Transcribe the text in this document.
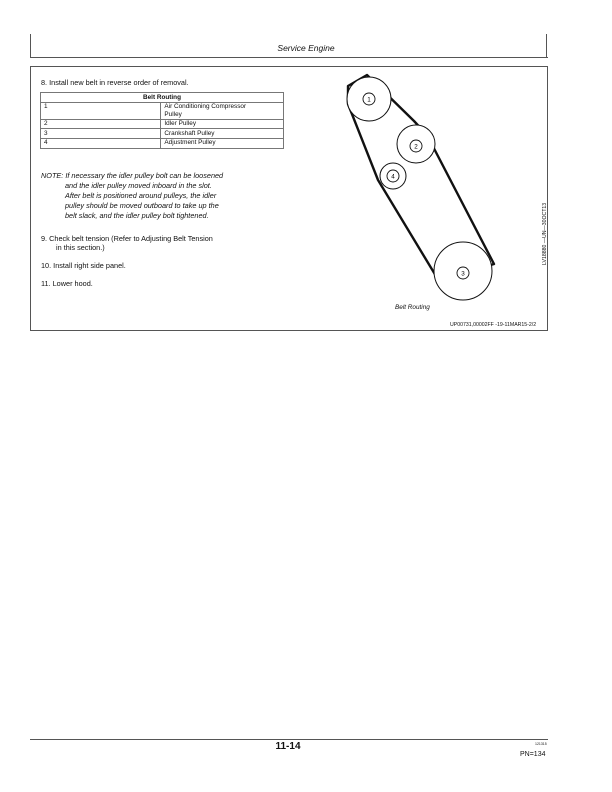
Service Engine
8. Install new belt in reverse order of removal.
Belt Routing	
1	Air Conditioning Compressor
Pulley
2	Idler Pulley
3	Crankshaft Pulley
4	Adjustment Pulley
NOTE: If necessary the idler pulley bolt can be loosened
and the idler pulley moved inboard in the slot.
After belt is positioned around pulleys, the idler
pulley should be moved outboard to take up the
belt slack, and the idler pulley bolt tightened.
9. Check belt tension (Refer to Adjusting Belt Tension
in this section.)
10. Install right side panel.
11. Lower hood.
1
2
3
4
Belt Routing
LV18880 —UN—30OCT13
UP00731,00002FF -19-11MAR15-2/2
11-14	121315
PN=134
